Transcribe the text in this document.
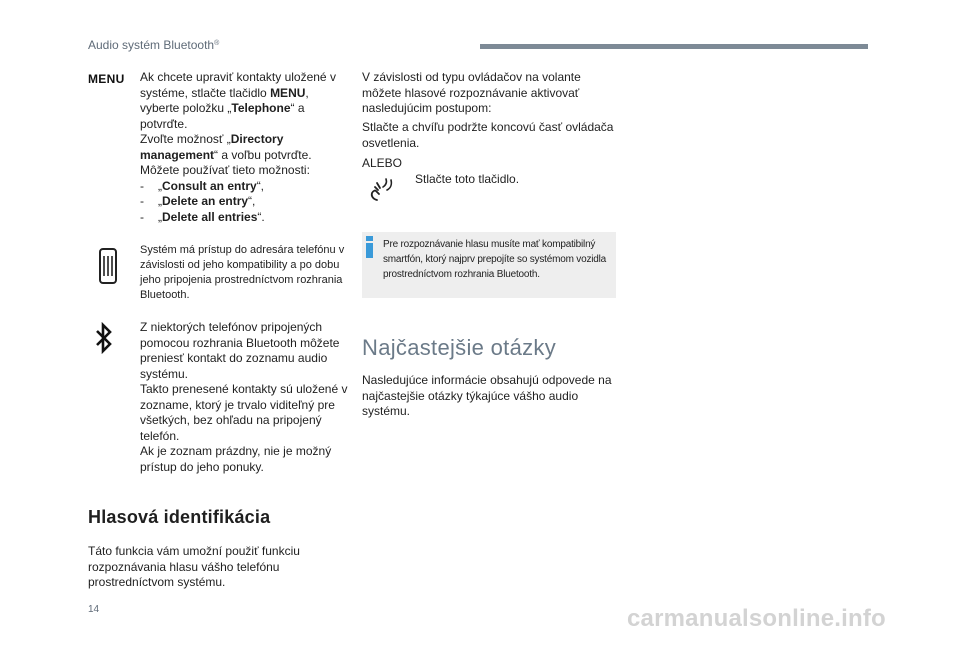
Audio systém Bluetooth®
MENU Ak chcete upraviť kontakty uložené v systéme, stlačte tlačidlo MENU, vyberte položku „Telephone“ a potvrďte.

Zvoľte možnosť „Directory management“ a voľbu potvrďte.

Môžete používať tieto možnosti:

-	„Consult an entry“,
-	„Delete an entry“,
-	„Delete all entries“.
Systém má prístup do adresára telefónu v závislosti od jeho kompatibility a po dobu jeho pripojenia prostredníctvom rozhrania Bluetooth.
Z niektorých telefónov pripojených pomocou rozhrania Bluetooth môžete preniesť kontakt do zoznamu audio systému.
Takto prenesené kontakty sú uložené v zozname, ktorý je trvalo viditeľný pre všetkých, bez ohľadu na pripojený telefón.
Ak je zoznam prázdny, nie je možný prístup do jeho ponuky.
Hlasová identifikácia
Táto funkcia vám umožní použiť funkciu rozpoznávania hlasu vášho telefónu prostredníctvom systému.
V závislosti od typu ovládačov na volante môžete hlasové rozpoznávanie aktivovať nasledujúcim postupom:
Stlačte a chvíľu podržte koncovú časť ovládača osvetlenia.
ALEBO
Stlačte toto tlačidlo.
Pre rozpoznávanie hlasu musíte mať kompatibilný smartfón, ktorý najprv prepojíte so systémom vozidla prostredníctvom rozhrania Bluetooth.
Najčastejšie otázky
Nasledujúce informácie obsahujú odpovede na najčastejšie otázky týkajúce vášho audio systému.
14	carmanualsonline.info
